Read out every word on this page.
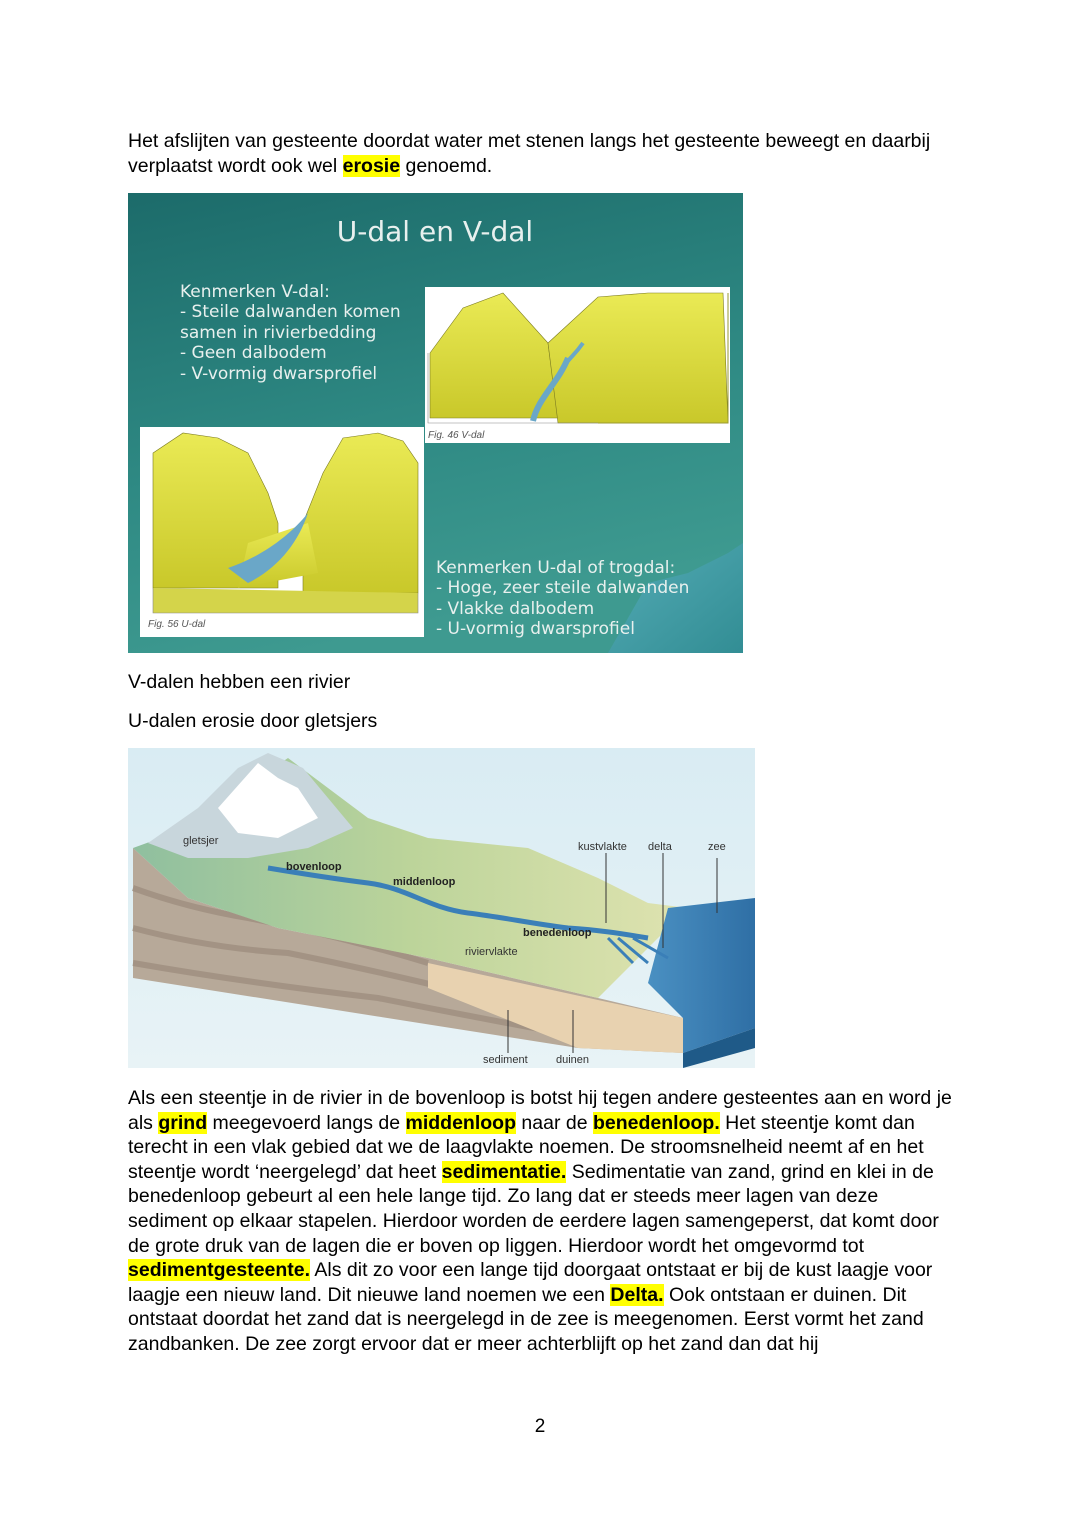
Het afslijten van gesteente doordat water met stenen langs het gesteente beweegt en daarbij verplaatst wordt ook wel erosie genoemd.
U-dal en V-dal
Kenmerken V-dal:
- Steile dalwanden komen
samen in rivierbedding
- Geen dalbodem
- V-vormig dwarsprofiel
Fig. 46 V-dal
Fig. 56 U-dal
Kenmerken U-dal of trogdal:
- Hoge, zeer steile dalwanden
- Vlakke dalbodem
- U-vormig dwarsprofiel
V-dalen hebben een rivier
U-dalen erosie door gletsjers
gletsjer
bovenloop
middenloop
benedenloop
riviervlakte
kustvlakte delta	zee
sediment	duinen
Als een steentje in de rivier in de bovenloop is botst hij tegen andere gesteentes aan en word je als grind meegevoerd langs de middenloop naar de benedenloop. Het steentje komt dan terecht in een vlak gebied dat we de laagvlakte noemen. De stroomsnelheid neemt af en het steentje wordt ‘neergelegd’ dat heet sedimentatie. Sedimentatie van zand, grind en klei in de benedenloop gebeurt al een hele lange tijd. Zo lang dat er steeds meer lagen van deze sediment op elkaar stapelen. Hierdoor worden de eerdere lagen samengeperst, dat komt door de grote druk van de lagen die er boven op liggen. Hierdoor wordt het omgevormd tot sedimentgesteente. Als dit zo voor een lange tijd doorgaat ontstaat er bij de kust laagje voor laagje een nieuw land. Dit nieuwe land noemen we een Delta. Ook ontstaan er duinen. Dit ontstaat doordat het zand dat is neergelegd in de zee is meegenomen. Eerst vormt het zand zandbanken. De zee zorgt ervoor dat er meer achterblijft op het zand dan dat hij
2
